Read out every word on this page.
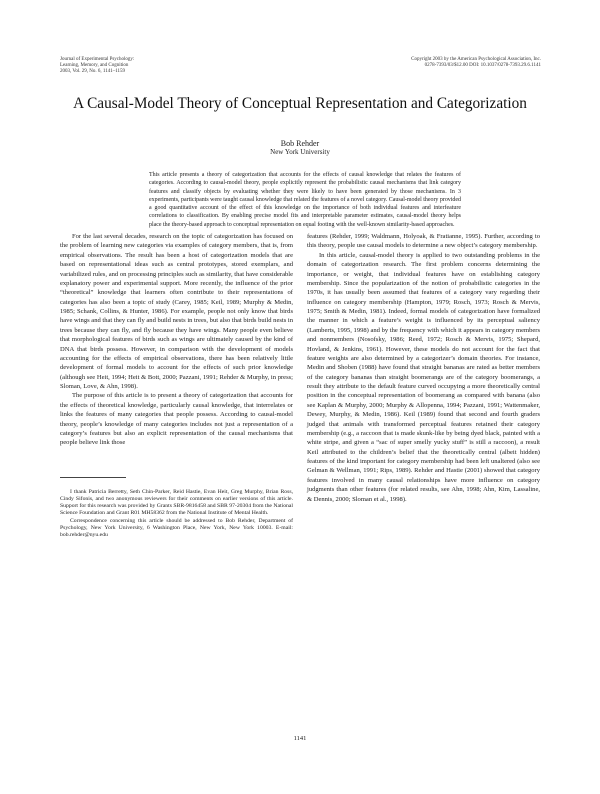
Journal of Experimental Psychology:
Learning, Memory, and Cognition
2003, Vol. 29, No. 6, 1141–1159
Copyright 2003 by the American Psychological Association, Inc.
0278-7393/03/$12.00 DOI: 10.1037/0278-7393.29.6.1141
A Causal-Model Theory of Conceptual Representation and Categorization
Bob Rehder
New York University

This article presents a theory of categorization that accounts for the effects of causal knowledge that relates the features of categories. According to causal-model theory, people explicitly represent the probabilistic causal mechanisms that link category features and classify objects by evaluating whether they were likely to have been generated by those mechanisms. In 3 experiments, participants were taught causal knowledge that related the features of a novel category. Causal-model theory provided a good quantitative account of the effect of this knowledge on the importance of both individual features and interfeature correlations to classification. By enabling precise model fits and interpretable parameter estimates, causal-model theory helps place the theory-based approach to conceptual representation on equal footing with the well-known similarity-based approaches.

For the last several decades, research on the topic of categorization has focused on the problem of learning new categories via examples of category members, that is, from empirical observations. The result has been a host of categorization models that are based on representational ideas such as central prototypes, stored exemplars, and variabilized rules, and on processing principles such as similarity, that have considerable explanatory power and experimental support. More recently, the influence of the prior “theoretical” knowledge that learners often contribute to their representations of categories has also been a topic of study (Carey, 1985; Keil, 1989; Murphy & Medin, 1985; Schank, Collins, & Hunter, 1986). For example, people not only know that birds have wings and that they can fly and build nests in trees, but also that birds build nests in trees because they can fly, and fly because they have wings. Many people even believe that morphological features of birds such as wings are ultimately caused by the kind of DNA that birds possess. However, in comparison with the development of models accounting for the effects of empirical observations, there has been relatively little development of formal models to account for the effects of such prior knowledge (although see Heit, 1994; Heit & Bott, 2000; Pazzani, 1991; Rehder & Murphy, in press; Sloman, Love, & Ahn, 1998).

The purpose of this article is to present a theory of categorization that accounts for the effects of theoretical knowledge, particularly causal knowledge, that interrelates or links the features of many categories that people possess. According to causal-model theory, people’s knowledge of many categories includes not just a representation of a category’s features but also an explicit representation of the causal mechanisms that people believe link those

I thank Patricia Berretty, Seth Chin-Parker, Reid Hastie, Evan Heit, Greg Murphy, Brian Ross, Cindy Sifonis, and two anonymous reviewers for their comments on earlier versions of this article. Support for this research was provided by Grants SBR-9816458 and SBR 97-20304 from the National Science Foundation and Grant R01 MH58362 from the National Institute of Mental Health.

Correspondence concerning this article should be addressed to Bob Rehder, Department of Psychology, New York University, 6 Washington Place, New York, New York 10003. E-mail: bob.rehder@nyu.edu

features (Rehder, 1999; Waldmann, Holyoak, & Fratianne, 1995). Further, according to this theory, people use causal models to determine a new object’s category membership.

In this article, causal-model theory is applied to two outstanding problems in the domain of categorization research. The first problem concerns determining the importance, or weight, that individual features have on establishing category membership. Since the popularization of the notion of probabilistic categories in the 1970s, it has usually been assumed that features of a category vary regarding their influence on category membership (Hampton, 1979; Rosch, 1973; Rosch & Mervis, 1975; Smith & Medin, 1981). Indeed, formal models of categorization have formalized the manner in which a feature’s weight is influenced by its perceptual saliency (Lamberts, 1995, 1998) and by the frequency with which it appears in category members and nonmembers (Nosofsky, 1986; Reed, 1972; Rosch & Mervis, 1975; Shepard, Hovland, & Jenkins, 1961). However, these models do not account for the fact that feature weights are also determined by a categorizer’s domain theories. For instance, Medin and Shoben (1988) have found that straight bananas are rated as better members of the category bananas than straight boomerangs are of the category boomerangs, a result they attribute to the default feature curved occupying a more theoretically central position in the conceptual representation of boomerang as compared with banana (also see Kaplan & Murphy, 2000; Murphy & Allopenna, 1994; Pazzani, 1991; Wattenmaker, Dewey, Murphy, & Medin, 1986). Keil (1989) found that second and fourth graders judged that animals with transformed perceptual features retained their category membership (e.g., a raccoon that is made skunk-like by being dyed black, painted with a white stripe, and given a “sac of super smelly yucky stuff” is still a raccoon), a result Keil attributed to the children’s belief that the theoretically central (albeit hidden) features of the kind important for category membership had been left unaltered (also see Gelman & Wellman, 1991; Rips, 1989). Rehder and Hastie (2001) showed that category features involved in many causal relationships have more influence on category judgments than other features (for related results, see Ahn, 1998; Ahn, Kim, Lassaline, & Dennis, 2000; Sloman et al., 1998).

1141
